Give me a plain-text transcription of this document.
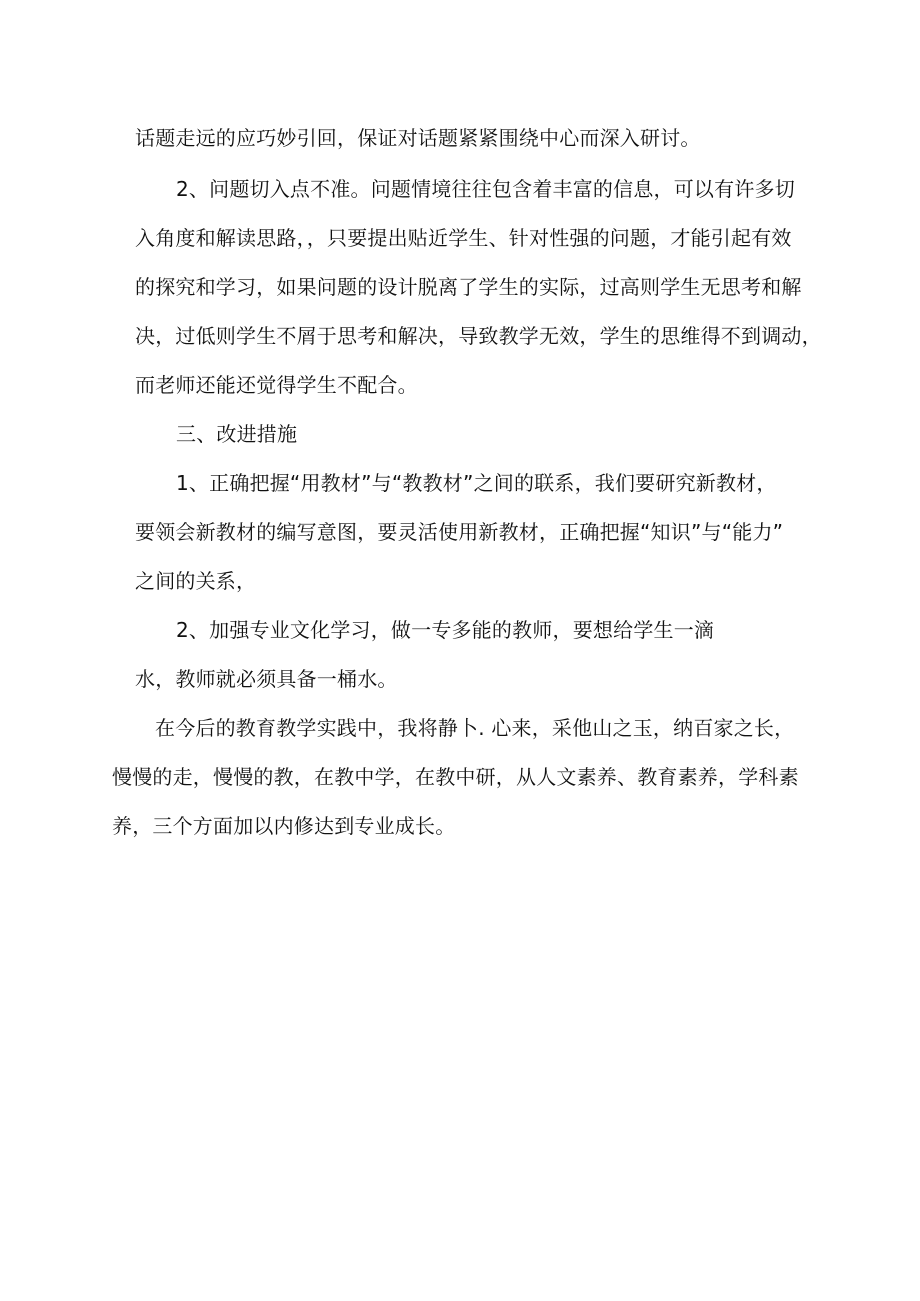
话题走远的应巧妙引回，保证对话题紧紧围绕中心而深入研讨。
2、问题切入点不准。问题情境往往包含着丰富的信息，可以有许多切
入角度和解读思路，，只要提出贴近学生、针对性强的问题，才能引起有效
的探究和学习，如果问题的设计脱离了学生的实际，过高则学生无思考和解
决，过低则学生不屑于思考和解决，导致教学无效，学生的思维得不到调动，
而老师还能还觉得学生不配合。
三、改进措施
1、正确把握“用教材”与“教教材”之间的联系，我们要研究新教材，
要领会新教材的编写意图，要灵活使用新教材，正确把握“知识”与“能力”
之间的关系，
2、加强专业文化学习，做一专多能的教师，要想给学生一滴
水，教师就必须具备一桶水。
在今后的教育教学实践中，我将静卜. 心来，采他山之玉，纳百家之长，
慢慢的走，慢慢的教，在教中学，在教中研，从人文素养、教育素养，学科素
养，三个方面加以内修达到专业成长。
